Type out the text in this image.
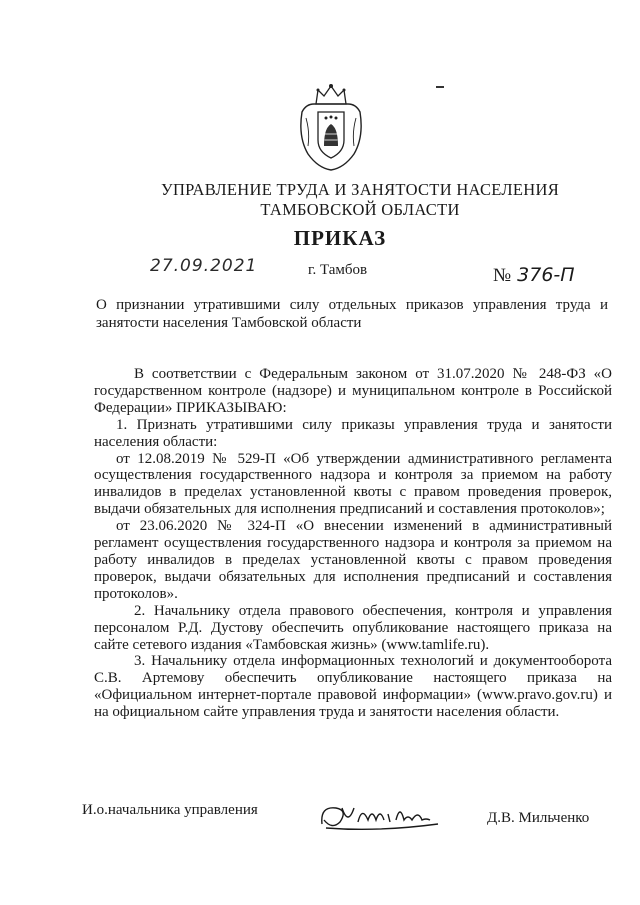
УПРАВЛЕНИЕ ТРУДА И ЗАНЯТОСТИ НАСЕЛЕНИЯ
ТАМБОВСКОЙ ОБЛАСТИ
ПРИКАЗ
27.09.2021	г. Тамбов	№ 376-П
О признании утратившими силу отдельных приказов управления труда и занятости населения Тамбовской области

В соответствии с Федеральным законом от 31.07.2020 № 248-ФЗ «О государственном контроле (надзоре) и муниципальном контроле в Российской Федерации» ПРИКАЗЫВАЮ:

1. Признать утратившими силу приказы управления труда и занятости населения области:

от 12.08.2019 № 529-П «Об утверждении административного регламента осуществления государственного надзора и контроля за приемом на работу инвалидов в пределах установленной квоты с правом проведения проверок, выдачи обязательных для исполнения предписаний и составления протоколов»;

от 23.06.2020 № 324-П «О внесении изменений в административный регламент осуществления государственного надзора и контроля за приемом на работу инвалидов в пределах установленной квоты с правом проведения проверок, выдачи обязательных для исполнения предписаний и составления протоколов».

2. Начальнику отдела правового обеспечения, контроля и управления персоналом Р.Д. Дустову обеспечить опубликование настоящего приказа на сайте сетевого издания «Тамбовская жизнь» (www.tamlife.ru).

3. Начальнику отдела информационных технологий и документооборота С.В. Артемову обеспечить опубликование настоящего приказа на «Официальном интернет-портале правовой информации» (www.pravo.gov.ru) и на официальном сайте управления труда и занятости населения области.

И.о.начальника управления	Д.В. Мильченко
